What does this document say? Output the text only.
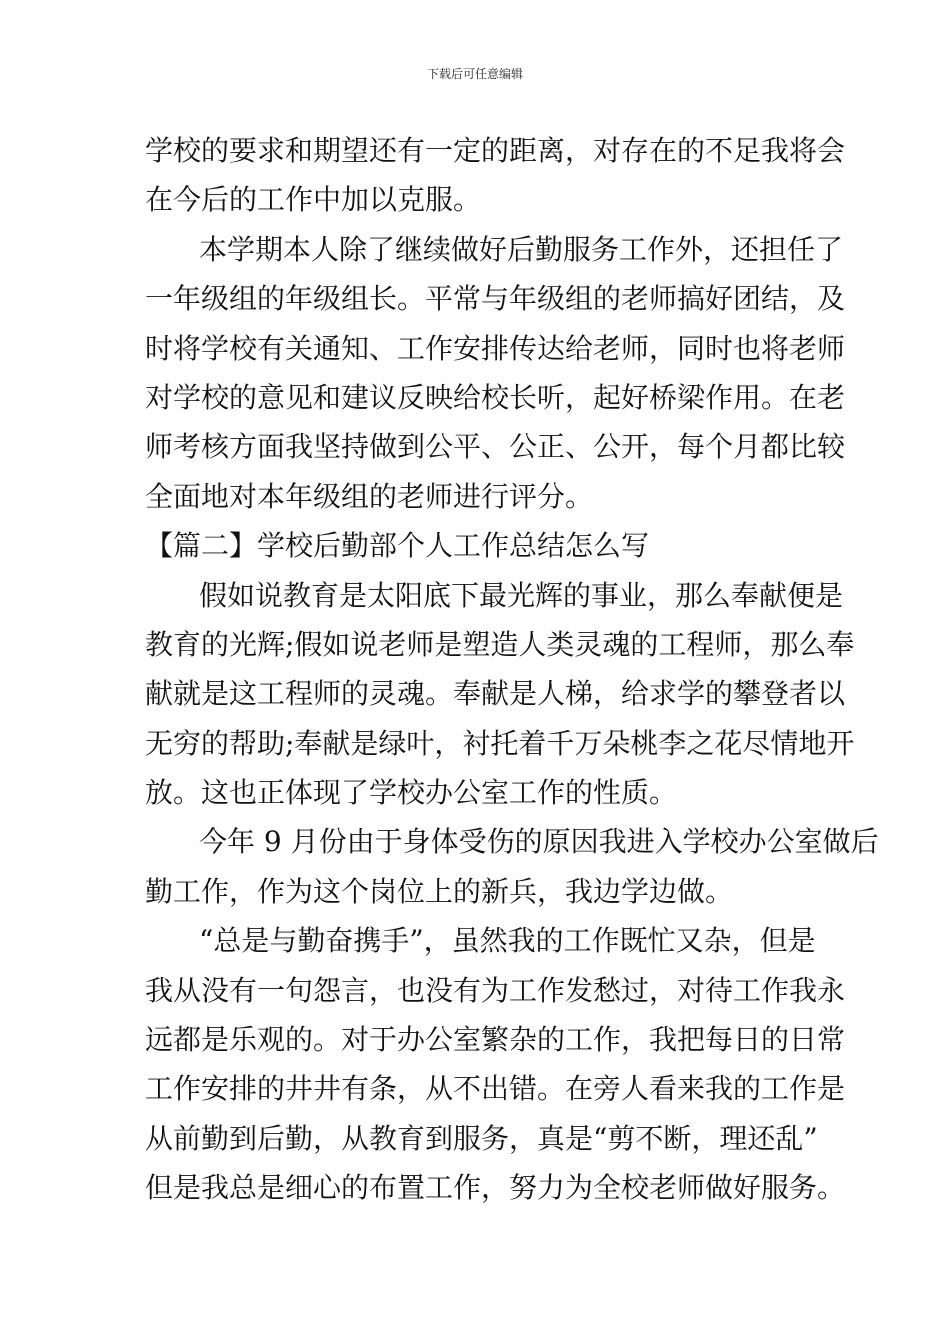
下载后可任意编辑
学校的要求和期望还有一定的距离，对存在的不足我将会
在今后的工作中加以克服。
本学期本人除了继续做好后勤服务工作外，还担任了
一年级组的年级组长。平常与年级组的老师搞好团结，及
时将学校有关通知、工作安排传达给老师，同时也将老师
对学校的意见和建议反映给校长听，起好桥梁作用。在老
师考核方面我坚持做到公平、公正、公开，每个月都比较
全面地对本年级组的老师进行评分。
【篇二】学校后勤部个人工作总结怎么写
假如说教育是太阳底下最光辉的事业，那么奉献便是
教育的光辉;假如说老师是塑造人类灵魂的工程师，那么奉
献就是这工程师的灵魂。奉献是人梯，给求学的攀登者以
无穷的帮助;奉献是绿叶，衬托着千万朵桃李之花尽情地开
放。这也正体现了学校办公室工作的性质。
今年 9 月份由于身体受伤的原因我进入学校办公室做后
勤工作，作为这个岗位上的新兵，我边学边做。
“总是与勤奋携手”，虽然我的工作既忙又杂，但是
我从没有一句怨言，也没有为工作发愁过，对待工作我永
远都是乐观的。对于办公室繁杂的工作，我把每日的日常
工作安排的井井有条，从不出错。在旁人看来我的工作是
从前勤到后勤，从教育到服务，真是“剪不断，理还乱”
但是我总是细心的布置工作，努力为全校老师做好服务。
